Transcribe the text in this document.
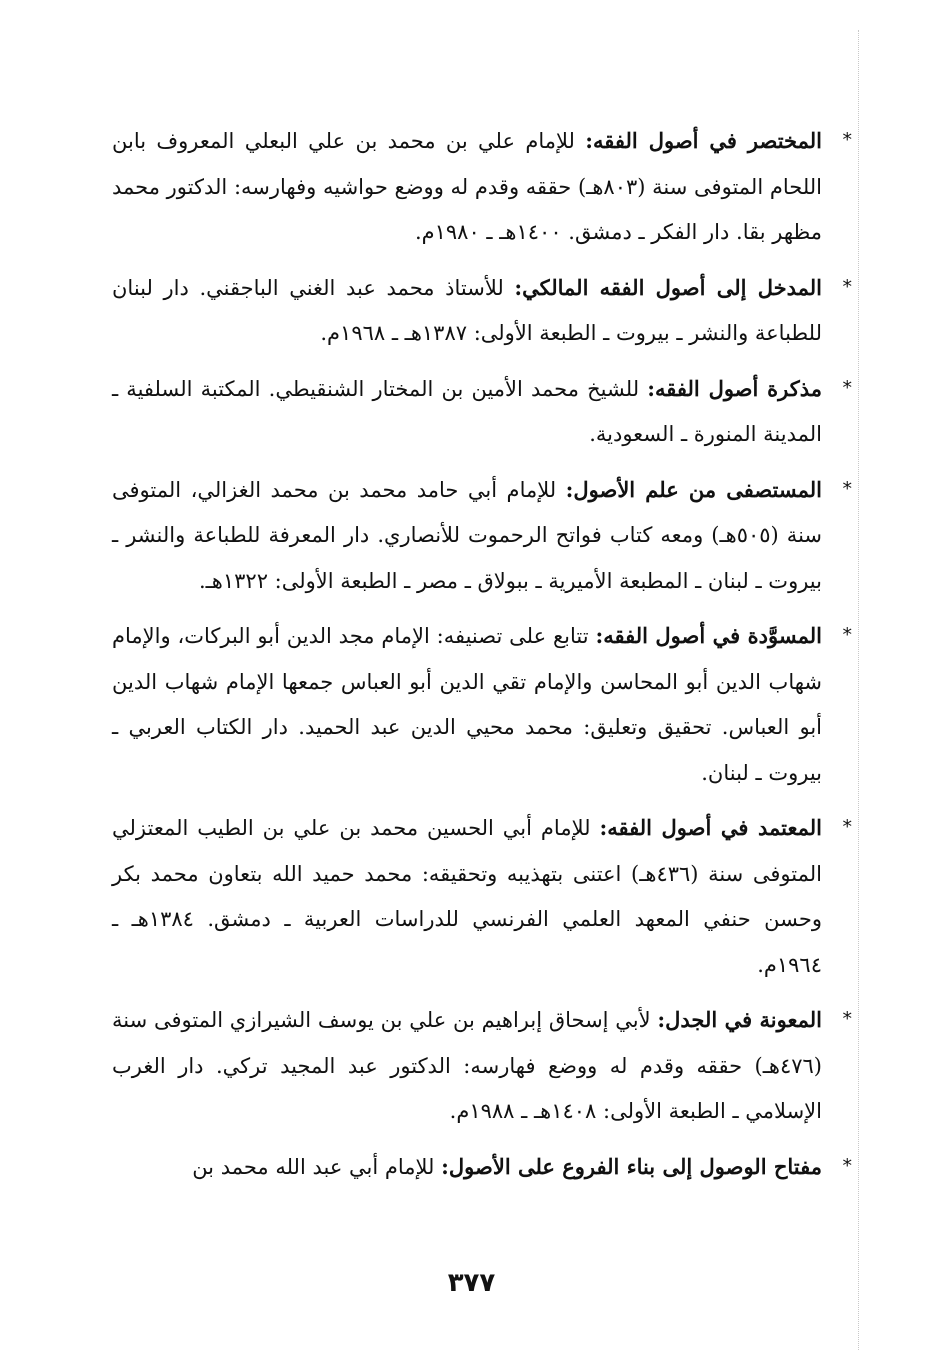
*
المختصر في أصول الفقه: للإمام علي بن محمد بن علي البعلي المعروف بابن اللحام المتوفى سنة (٨٠٣هـ) حققه وقدم له ووضع حواشيه وفهارسه: الدكتور محمد مظهر بقا. دار الفكر ـ دمشق. ١٤٠٠هـ ـ ١٩٨٠م.

*
المدخل إلى أصول الفقه المالكي: للأستاذ محمد عبد الغني الباجقني. دار لبنان للطباعة والنشر ـ بيروت ـ الطبعة الأولى: ١٣٨٧هـ ـ ١٩٦٨م.

*
مذكرة أصول الفقه: للشيخ محمد الأمين بن المختار الشنقيطي. المكتبة السلفية ـ المدينة المنورة ـ السعودية.

*
المستصفى من علم الأصول: للإمام أبي حامد محمد بن محمد الغزالي، المتوفى سنة (٥٠٥هـ) ومعه كتاب فواتح الرحموت للأنصاري. دار المعرفة للطباعة والنشر ـ بيروت ـ لبنان ـ المطبعة الأميرية ـ ببولاق ـ مصر ـ الطبعة الأولى: ١٣٢٢هـ.

*
المسوَّدة في أصول الفقه: تتابع على تصنيفه: الإمام مجد الدين أبو البركات، والإمام شهاب الدين أبو المحاسن والإمام تقي الدين أبو العباس جمعها الإمام شهاب الدين أبو العباس. تحقيق وتعليق: محمد محيي الدين عبد الحميد. دار الكتاب العربي ـ بيروت ـ لبنان.

*
المعتمد في أصول الفقه: للإمام أبي الحسين محمد بن علي بن الطيب المعتزلي المتوفى سنة (٤٣٦هـ) اعتنى بتهذيبه وتحقيقه: محمد حميد الله بتعاون محمد بكر وحسن حنفي المعهد العلمي الفرنسي للدراسات العربية ـ دمشق. ١٣٨٤هـ ـ ١٩٦٤م.

*
المعونة في الجدل: لأبي إسحاق إبراهيم بن علي بن يوسف الشيرازي المتوفى سنة (٤٧٦هـ) حققه وقدم له ووضع فهارسه: الدكتور عبد المجيد تركي. دار الغرب الإسلامي ـ الطبعة الأولى: ١٤٠٨هـ ـ ١٩٨٨م.

*
مفتاح الوصول إلى بناء الفروع على الأصول: للإمام أبي عبد الله محمد بن

٣٧٧
